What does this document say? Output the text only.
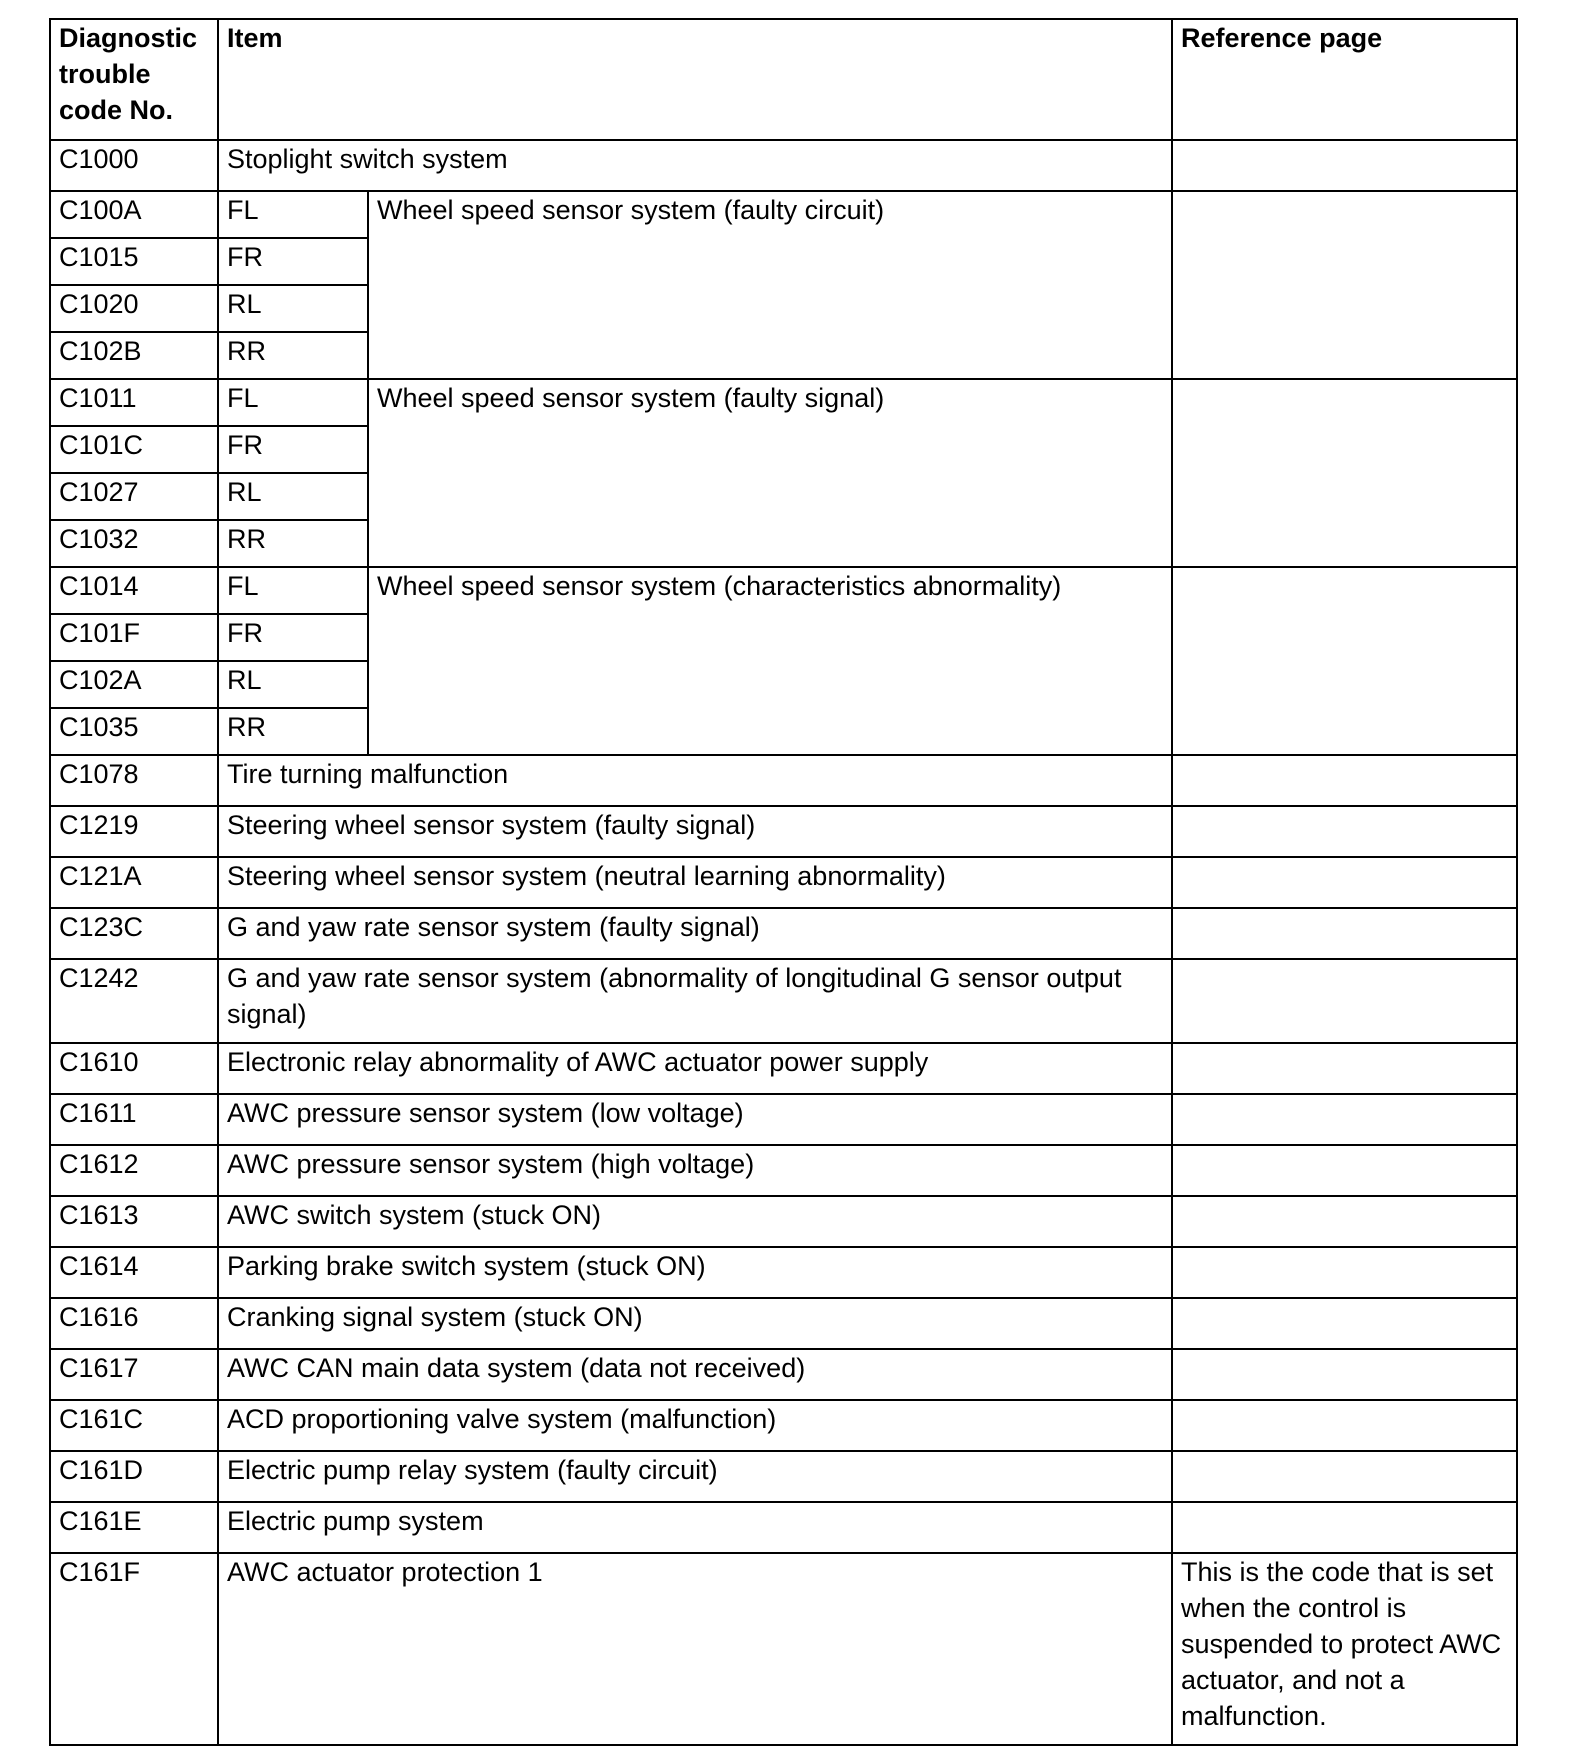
Diagnostic trouble code No.	Item		Reference page
C1000	Stoplight switch system		
C100A	FL	Wheel speed sensor system (faulty circuit)	
C1015	FR		
C1020	RL		
C102B	RR		
C1011	FL	Wheel speed sensor system (faulty signal)	
C101C	FR		
C1027	RL		
C1032	RR		
C1014	FL	Wheel speed sensor system (characteristics abnormality)	
C101F	FR		
C102A	RL		
C1035	RR		
C1078	Tire turning malfunction		
C1219	Steering wheel sensor system (faulty signal)		
C121A	Steering wheel sensor system (neutral learning abnormality)		
C123C	G and yaw rate sensor system (faulty signal)		
C1242	G and yaw rate sensor system (abnormality of longitudinal G sensor output signal)		
C1610	Electronic relay abnormality of AWC actuator power supply		
C1611	AWC pressure sensor system (low voltage)		
C1612	AWC pressure sensor system (high voltage)		
C1613	AWC switch system (stuck ON)		
C1614	Parking brake switch system (stuck ON)		
C1616	Cranking signal system (stuck ON)		
C1617	AWC CAN main data system (data not received)		
C161C	ACD proportioning valve system (malfunction)		
C161D	Electric pump relay system (faulty circuit)		
C161E	Electric pump system		
C161F	AWC actuator protection 1		This is the code that is set when the control is suspended to protect AWC actuator, and not a malfunction.
